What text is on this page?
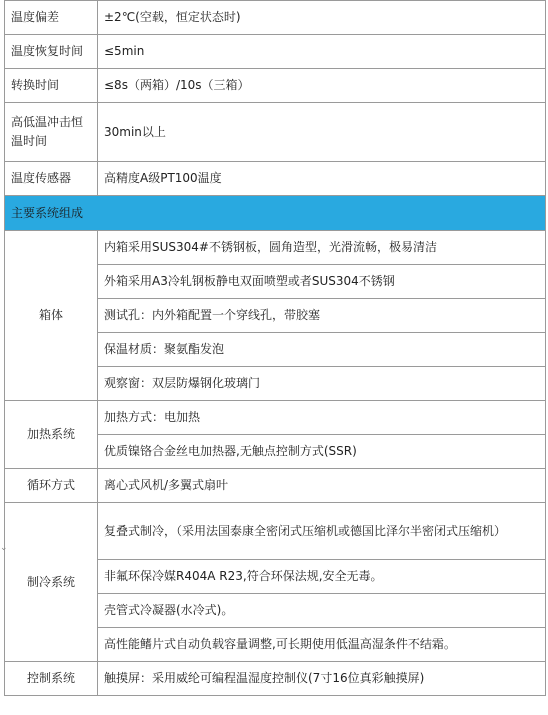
温度偏差	±2℃(空载，恒定状态时)
温度恢复时间	≤5min
转换时间	≤8s（两箱）/10s（三箱）
高低温冲击恒温时间	30min以上
温度传感器	高精度A级PT100温度
主要系统组成	
箱体	内箱采用SUS304#不锈钢板，圆角造型，光滑流畅，极易清洁
	外箱采用A3冷轧钢板静电双面喷塑或者SUS304不锈钢
	测试孔：内外箱配置一个穿线孔，带胶塞
	保温材质：聚氨酯发泡
	观察窗：双层防爆钢化玻璃门
加热系统	加热方式：电加热
	优质镍铬合金丝电加热器,无触点控制方式(SSR)
循环方式	离心式风机/多翼式扇叶
制冷系统	复叠式制冷，（采用法国泰康全密闭式压缩机或德国比泽尔半密闭式压缩机）
	非氟环保冷媒R404A R23,符合环保法规,安全无毒。
	壳管式冷凝器(水冷式)。
	高性能鳍片式自动负载容量调整,可长期使用低温高湿条件不结霜。
控制系统	触摸屏：采用威纶可编程温湿度控制仪(7寸16位真彩触摸屏)
⌄
